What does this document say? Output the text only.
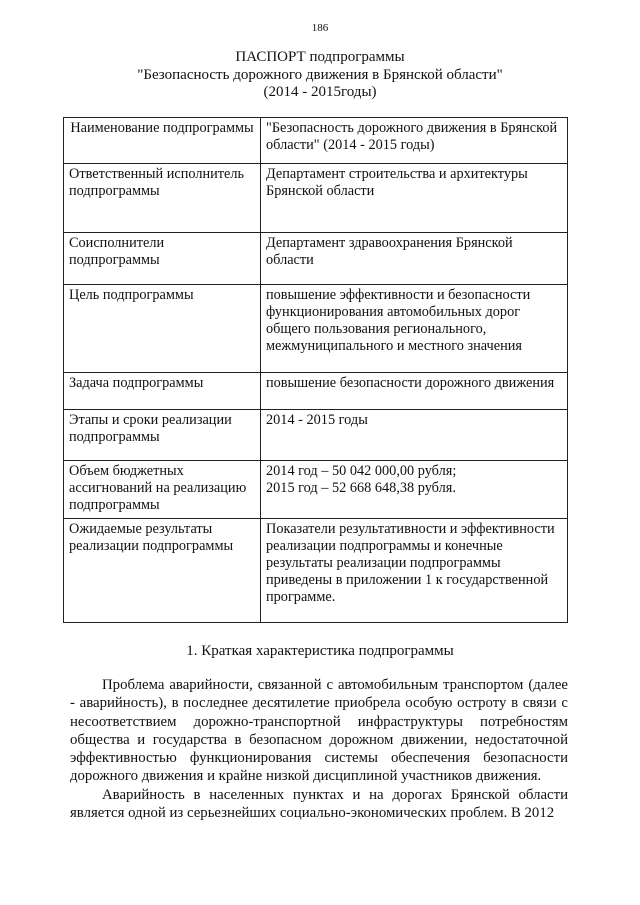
186
ПАСПОРТ подпрограммы
"Безопасность дорожного движения в Брянской области"
(2014 - 2015годы)
Наименование подпрограммы	"Безопасность дорожного движения в Брянской области" (2014 - 2015 годы)
Ответственный исполнитель подпрограммы	Департамент строительства и архитектуры Брянской области
Соисполнители подпрограммы	Департамент здравоохранения Брянской области
Цель подпрограммы	повышение эффективности и безопасности функционирования автомобильных дорог общего пользования регионального, межмуниципального и местного значения
Задача подпрограммы	повышение безопасности дорожного движения
Этапы и сроки реализации подпрограммы	2014 - 2015 годы
Объем бюджетных ассигнований на реализацию подпрограммы	2014 год – 50 042 000,00 рубля;
2015 год – 52 668 648,38 рубля.

Ожидаемые результаты реализации подпрограммы	Показатели результативности и эффективности реализации подпрограммы и конечные результаты реализации подпрограммы приведены в приложении 1 к государственной программе.
1. Краткая характеристика подпрограммы

Проблема аварийности, связанной с автомобильным транспортом (далее - аварийность), в последнее десятилетие приобрела особую остроту в связи с несоответствием дорожно-транспортной инфраструктуры потребностям общества и государства в безопасном дорожном движении, недостаточной эффективностью функционирования системы обеспечения безопасности дорожного движения и крайне низкой дисциплиной участников движения.

Аварийность в населенных пунктах и на дорогах Брянской области является одной из серьезнейших социально-экономических проблем. В 2012
